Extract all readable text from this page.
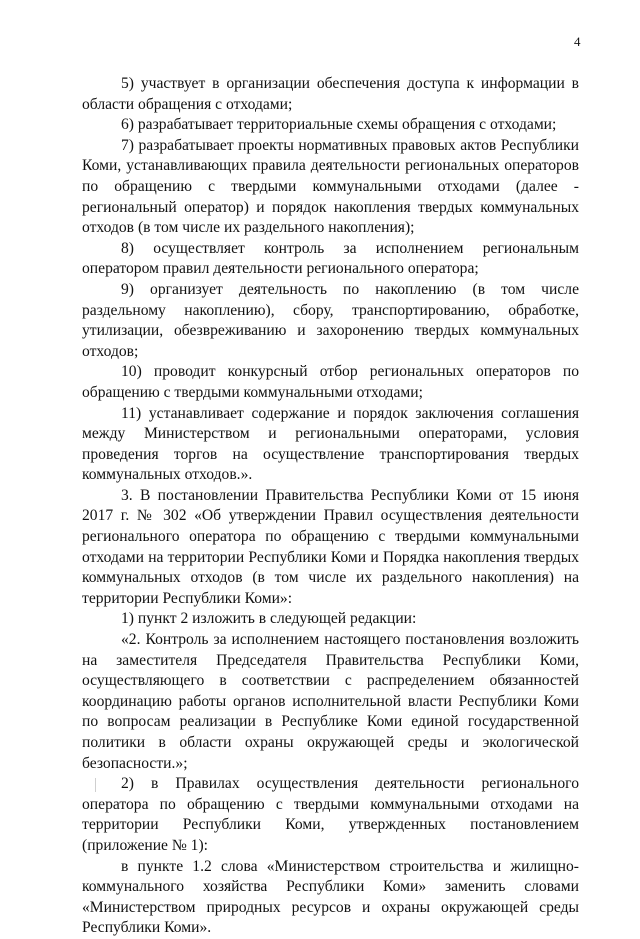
4

5) участвует в организации обеспечения доступа к информации в области обращения с отходами;

6) разрабатывает территориальные схемы обращения с отходами;

7) разрабатывает проекты нормативных правовых актов Республики Коми, устанавливающих правила деятельности региональных операторов по обращению с твердыми коммунальными отходами (далее - региональный оператор) и порядок накопления твердых коммунальных отходов (в том числе их раздельного накопления);

8) осуществляет контроль за исполнением региональным оператором правил деятельности регионального оператора;

9) организует деятельность по накоплению (в том числе раздельному накоплению), сбору, транспортированию, обработке, утилизации, обезвреживанию и захоронению твердых коммунальных отходов;

10) проводит конкурсный отбор региональных операторов по обращению с твердыми коммунальными отходами;

11) устанавливает содержание и порядок заключения соглашения между Министерством и региональными операторами, условия проведения торгов на осуществление транспортирования твердых коммунальных отходов.».

3. В постановлении Правительства Республики Коми от 15 июня 2017 г. № 302 «Об утверждении Правил осуществления деятельности регионального оператора по обращению с твердыми коммунальными отходами на территории Республики Коми и Порядка накопления твердых коммунальных отходов (в том числе их раздельного накопления) на территории Республики Коми»:

1) пункт 2 изложить в следующей редакции:

«2. Контроль за исполнением настоящего постановления возложить на заместителя Председателя Правительства Республики Коми, осуществляющего в соответствии с распределением обязанностей координацию работы органов исполнительной власти Республики Коми по вопросам реализации в Республике Коми единой государственной политики в области охраны окружающей среды и экологической безопасности.»;

2) в Правилах осуществления деятельности регионального оператора по обращению с твердыми коммунальными отходами на территории Республики Коми, утвержденных постановлением (приложение № 1):

в пункте 1.2 слова «Министерством строительства и жилищно-коммунального хозяйства Республики Коми» заменить словами «Министерством природных ресурсов и охраны окружающей среды Республики Коми».
